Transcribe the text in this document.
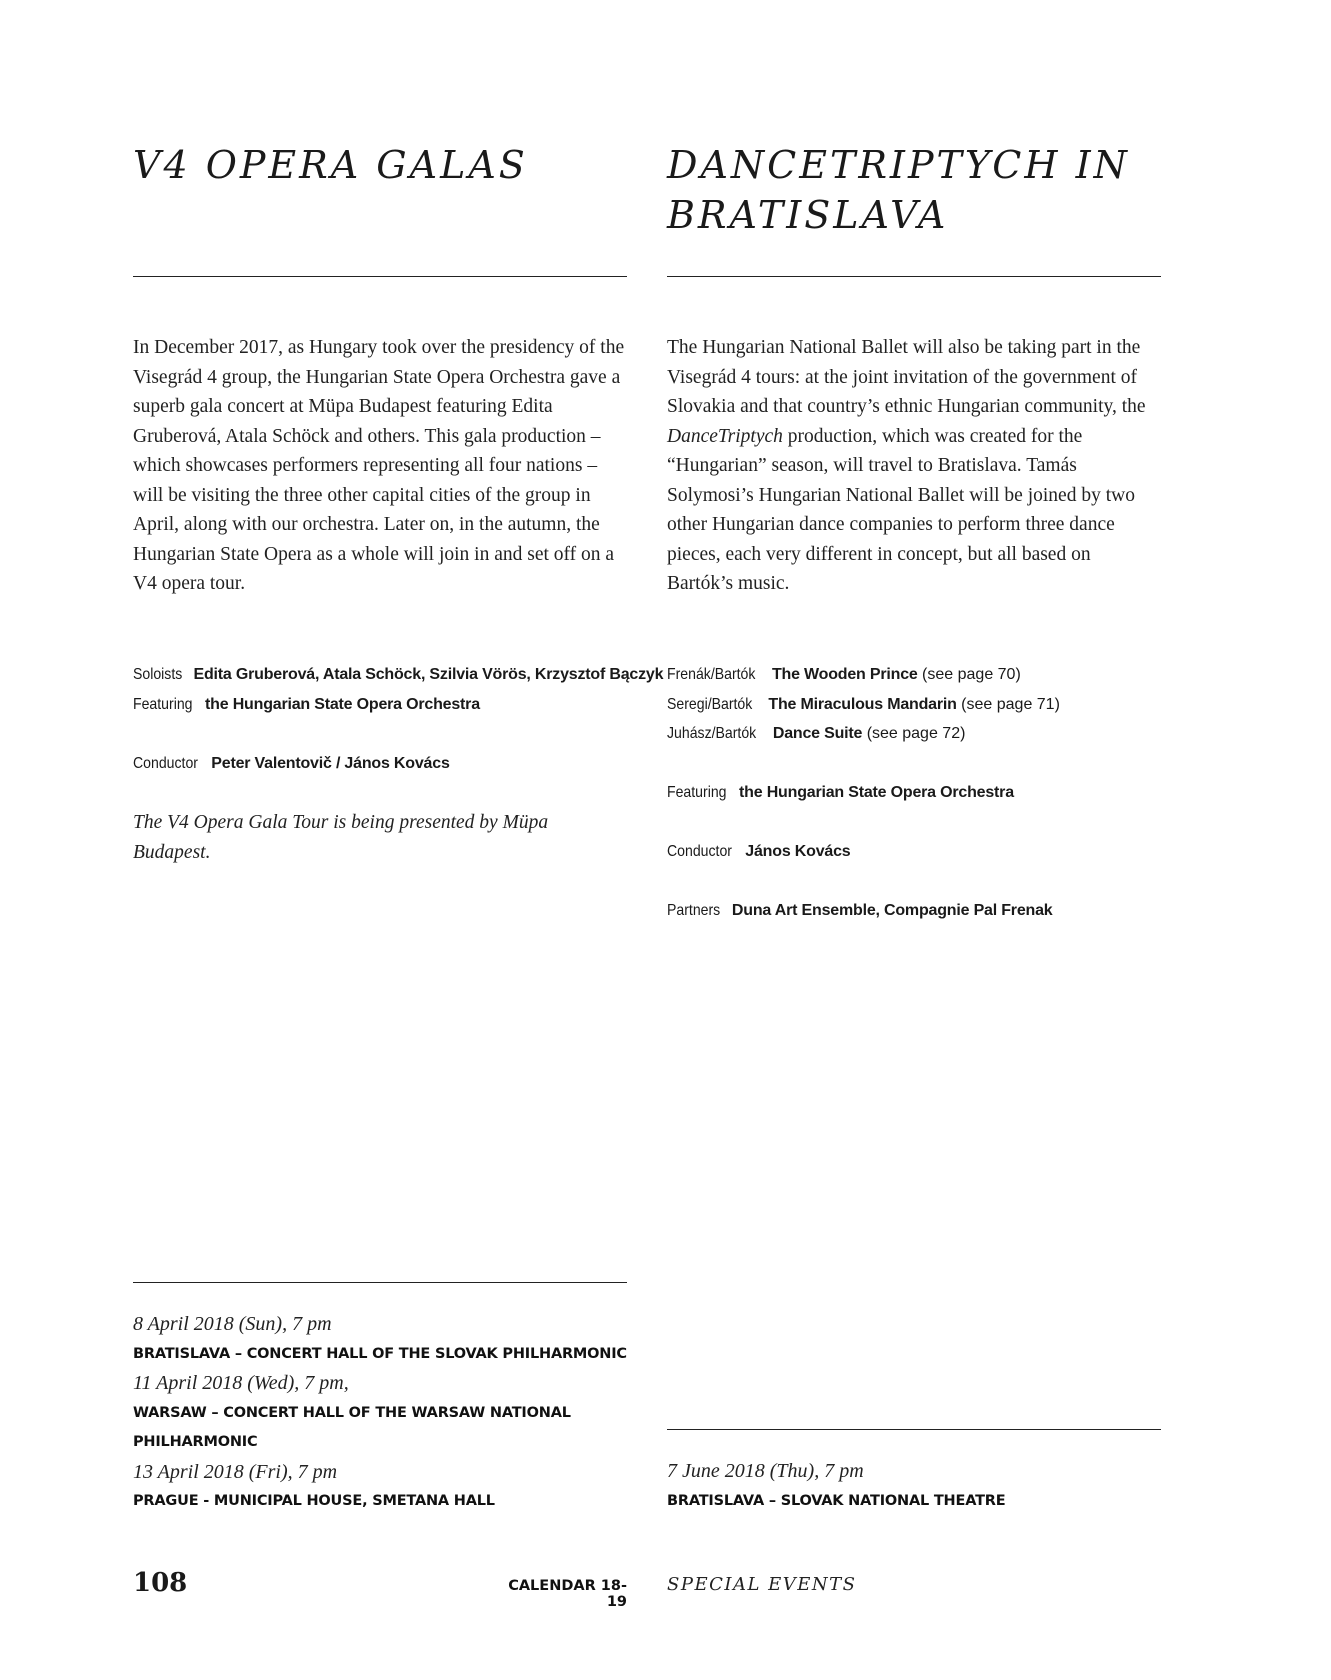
V4 OPERA GALAS

In December 2017, as Hungary took over the presidency of the Visegrád 4 group, the Hungarian State Opera Orchestra gave a superb gala concert at Müpa Budapest featuring Edita Gruberová, Atala Schöck and others. This gala production – which showcases performers representing all four nations – will be visiting the three other capital cities of the group in April, along with our orchestra. Later on, in the autumn, the Hungarian State Opera as a whole will join in and set off on a V4 opera tour.

Soloists Edita Gruberová, Atala Schöck, Szilvia Vörös, Krzysztof Bączyk
Featuring the Hungarian State Opera Orchestra
Conductor Peter Valentovič / János Kovács

The V4 Opera Gala Tour is being presented by Müpa Budapest.

8 April 2018 (Sun), 7 pm
BRATISLAVA – CONCERT HALL OF THE SLOVAK PHILHARMONIC
11 April 2018 (Wed), 7 pm,
WARSAW – CONCERT HALL OF THE WARSAW NATIONAL PHILHARMONIC
13 April 2018 (Fri), 7 pm
PRAGUE - MUNICIPAL HOUSE, SMETANA HALL
DANCETRIPTYCH IN
BRATISLAVA

The Hungarian National Ballet will also be taking part in the Visegrád 4 tours: at the joint invitation of the government of Slovakia and that country’s ethnic Hungarian community, the DanceTriptych production, which was created for the “Hungarian” season, will travel to Bratislava. Tamás Solymosi’s Hungarian National Ballet will be joined by two other Hungarian dance companies to perform three dance pieces, each very different in concept, but all based on Bartók’s music.

Frenák/Bartók The Wooden Prince (see page 70)
Seregi/Bartók The Miraculous Mandarin (see page 71)
Juhász/Bartók Dance Suite (see page 72)
Featuring the Hungarian State Opera Orchestra
Conductor János Kovács
Partners Duna Art Ensemble, Compagnie Pal Frenak
7 June 2018 (Thu), 7 pm
BRATISLAVA – SLOVAK NATIONAL THEATRE
108	CALENDAR 18-19
SPECIAL EVENTS
